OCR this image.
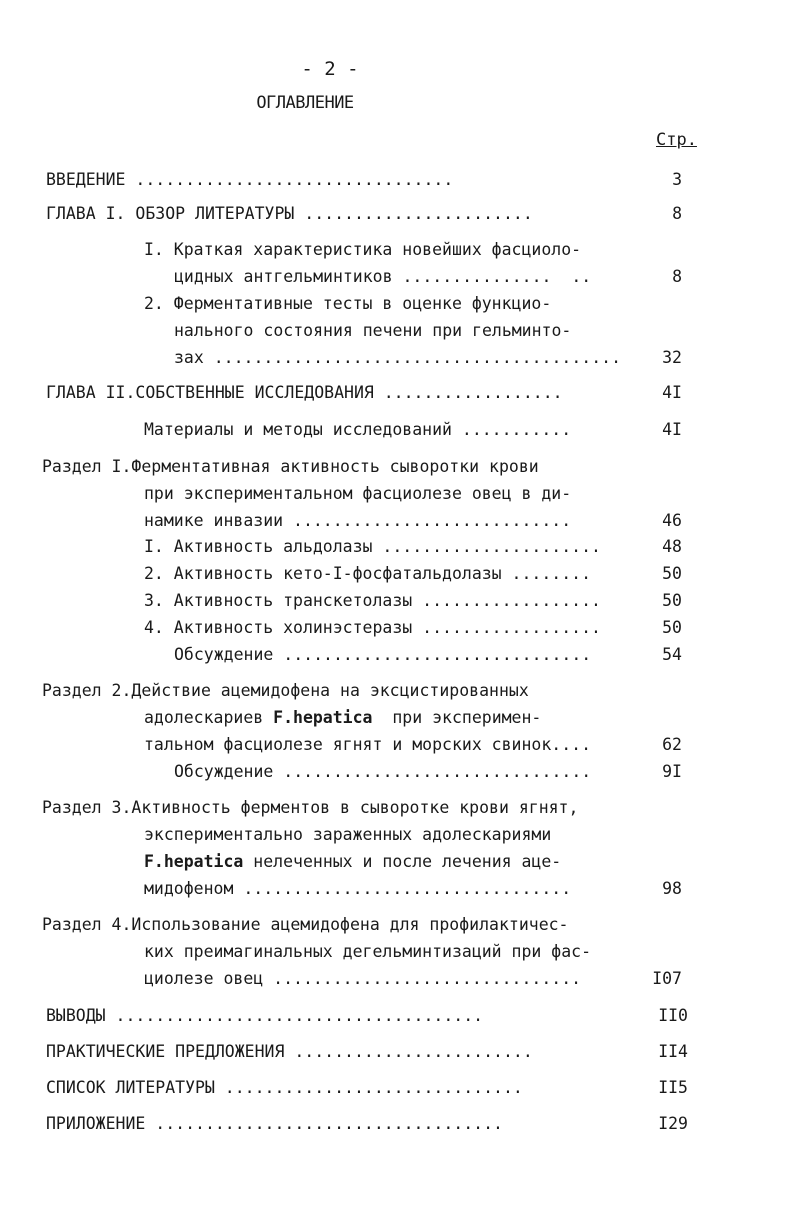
- 2 -
ОГЛАВЛЕНИЕ
Стр.
ВВЕДЕНИЕ ................................	3
ГЛАВА I. ОБЗОР ЛИТЕРАТУРЫ .......................	8
I. Краткая характеристика новейших фасциоло-
цидных антгельминтиков ...............  ..	8
2. Ферментативные тесты в оценке функцио-
нального состояния печени при гельминто-
зах .........................................	32
ГЛАВА II.СОБСТВЕННЫЕ ИССЛЕДОВАНИЯ ..................	4I
Материалы и методы исследований ...........	4I
Раздел I.Ферментативная активность сыворотки крови
при экспериментальном фасциолезе овец в ди-
намике инвазии ............................	46
I. Активность альдолазы ......................	48
2. Активность кето-I-фосфатальдолазы ........	50
3. Активность транскетолазы ..................	50
4. Активность холинэстеразы ..................	50
Обсуждение ...............................	54
Раздел 2.Действие ацемидофена на эксцистированных
адолескариев F.hepatica  при эксперимен-
тальном фасциолезе ягнят и морских свинок....	62
Обсуждение ...............................	9I
Раздел 3.Активность ферментов в сыворотке крови ягнят,
экспериментально зараженных адолескариями
F.hepatica нелеченных и после лечения аце-
мидофеном .................................	98
Раздел 4.Использование ацемидофена для профилактичес-
ких преимагинальных дегельминтизаций при фас-
циолезе овец ...............................	I07
ВЫВОДЫ .....................................	II0
ПРАКТИЧЕСКИЕ ПРЕДЛОЖЕНИЯ ........................	II4
СПИСОК ЛИТЕРАТУРЫ ..............................	II5
ПРИЛОЖЕНИЕ ...................................	I29
